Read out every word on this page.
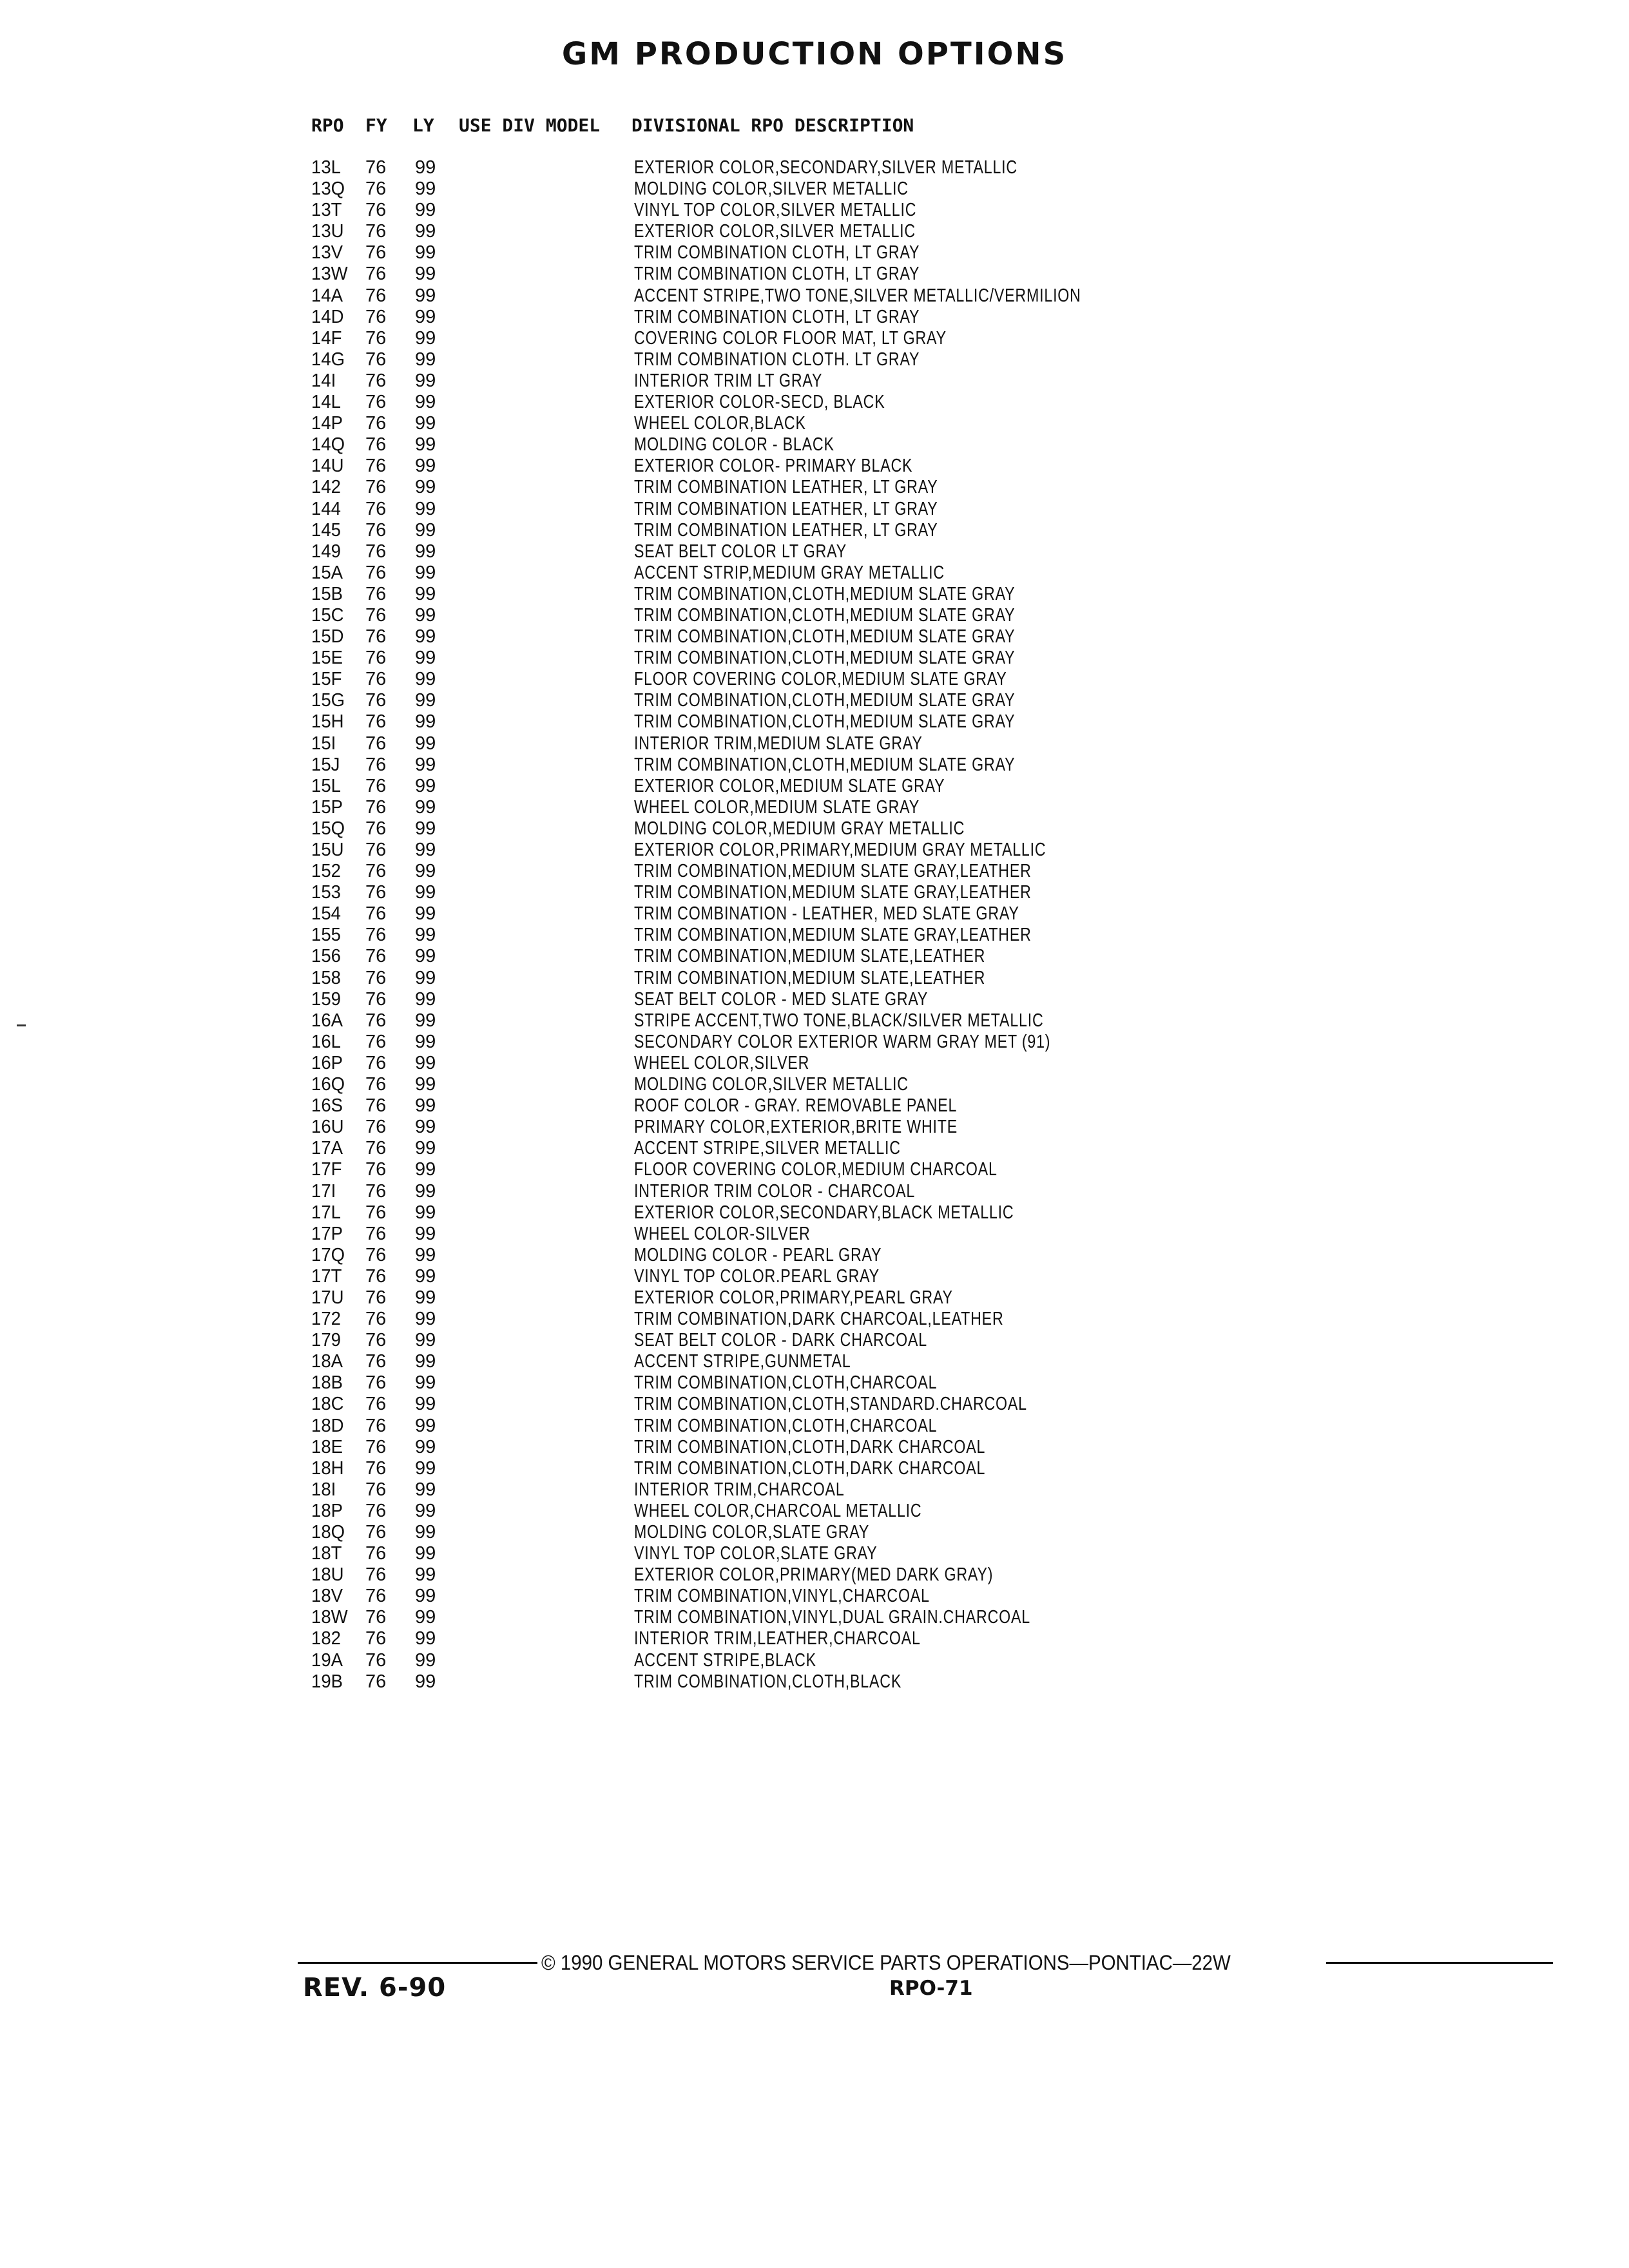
GM PRODUCTION OPTIONS
RPO FY LY USE DIV MODEL DIVISIONAL RPO DESCRIPTION
13L 76 99	EXTERIOR COLOR,SECONDARY,SILVER METALLIC
13Q 76 99	MOLDING COLOR,SILVER METALLIC
13T 76 99	VINYL TOP COLOR,SILVER METALLIC
13U 76 99	EXTERIOR COLOR,SILVER METALLIC
13V 76 99	TRIM COMBINATION CLOTH, LT GRAY
13W 76 99	TRIM COMBINATION CLOTH, LT GRAY
14A 76 99	ACCENT STRIPE,TWO TONE,SILVER METALLIC/VERMILION
14D 76 99	TRIM COMBINATION CLOTH, LT GRAY
14F 76 99	COVERING COLOR FLOOR MAT, LT GRAY
14G 76 99	TRIM COMBINATION CLOTH. LT GRAY
14I 76 99	INTERIOR TRIM LT GRAY
14L 76 99	EXTERIOR COLOR-SECD, BLACK
14P 76 99	WHEEL COLOR,BLACK
14Q 76 99	MOLDING COLOR - BLACK
14U 76 99	EXTERIOR COLOR- PRIMARY BLACK
142 76 99	TRIM COMBINATION LEATHER, LT GRAY
144 76 99	TRIM COMBINATION LEATHER, LT GRAY
145 76 99	TRIM COMBINATION LEATHER, LT GRAY
149 76 99	SEAT BELT COLOR LT GRAY
15A 76 99	ACCENT STRIP,MEDIUM GRAY METALLIC
15B 76 99	TRIM COMBINATION,CLOTH,MEDIUM SLATE GRAY
15C 76 99	TRIM COMBINATION,CLOTH,MEDIUM SLATE GRAY
15D 76 99	TRIM COMBINATION,CLOTH,MEDIUM SLATE GRAY
15E 76 99	TRIM COMBINATION,CLOTH,MEDIUM SLATE GRAY
15F 76 99	FLOOR COVERING COLOR,MEDIUM SLATE GRAY
15G 76 99	TRIM COMBINATION,CLOTH,MEDIUM SLATE GRAY
15H 76 99	TRIM COMBINATION,CLOTH,MEDIUM SLATE GRAY
15I 76 99	INTERIOR TRIM,MEDIUM SLATE GRAY
15J 76 99	TRIM COMBINATION,CLOTH,MEDIUM SLATE GRAY
15L 76 99	EXTERIOR COLOR,MEDIUM SLATE GRAY
15P 76 99	WHEEL COLOR,MEDIUM SLATE GRAY
15Q 76 99	MOLDING COLOR,MEDIUM GRAY METALLIC
15U 76 99	EXTERIOR COLOR,PRIMARY,MEDIUM GRAY METALLIC
152 76 99	TRIM COMBINATION,MEDIUM SLATE GRAY,LEATHER
153 76 99	TRIM COMBINATION,MEDIUM SLATE GRAY,LEATHER
154 76 99	TRIM COMBINATION - LEATHER, MED SLATE GRAY
155 76 99	TRIM COMBINATION,MEDIUM SLATE GRAY,LEATHER
156 76 99	TRIM COMBINATION,MEDIUM SLATE,LEATHER
158 76 99	TRIM COMBINATION,MEDIUM SLATE,LEATHER
159 76 99	SEAT BELT COLOR - MED SLATE GRAY
16A 76 99	STRIPE ACCENT,TWO TONE,BLACK/SILVER METALLIC
16L 76 99	SECONDARY COLOR EXTERIOR WARM GRAY MET (91)
16P 76 99	WHEEL COLOR,SILVER
16Q 76 99	MOLDING COLOR,SILVER METALLIC
16S 76 99	ROOF COLOR - GRAY. REMOVABLE PANEL
16U 76 99	PRIMARY COLOR,EXTERIOR,BRITE WHITE
17A 76 99	ACCENT STRIPE,SILVER METALLIC
17F 76 99	FLOOR COVERING COLOR,MEDIUM CHARCOAL
17I 76 99	INTERIOR TRIM COLOR - CHARCOAL
17L 76 99	EXTERIOR COLOR,SECONDARY,BLACK METALLIC
17P 76 99	WHEEL COLOR-SILVER
17Q 76 99	MOLDING COLOR - PEARL GRAY
17T 76 99	VINYL TOP COLOR.PEARL GRAY
17U 76 99	EXTERIOR COLOR,PRIMARY,PEARL GRAY
172 76 99	TRIM COMBINATION,DARK CHARCOAL,LEATHER
179 76 99	SEAT BELT COLOR - DARK CHARCOAL
18A 76 99	ACCENT STRIPE,GUNMETAL
18B 76 99	TRIM COMBINATION,CLOTH,CHARCOAL
18C 76 99	TRIM COMBINATION,CLOTH,STANDARD.CHARCOAL
18D 76 99	TRIM COMBINATION,CLOTH,CHARCOAL
18E 76 99	TRIM COMBINATION,CLOTH,DARK CHARCOAL
18H 76 99	TRIM COMBINATION,CLOTH,DARK CHARCOAL
18I 76 99	INTERIOR TRIM,CHARCOAL
18P 76 99	WHEEL COLOR,CHARCOAL METALLIC
18Q 76 99	MOLDING COLOR,SLATE GRAY
18T 76 99	VINYL TOP COLOR,SLATE GRAY
18U 76 99	EXTERIOR COLOR,PRIMARY(MED DARK GRAY)
18V 76 99	TRIM COMBINATION,VINYL,CHARCOAL
18W 76 99	TRIM COMBINATION,VINYL,DUAL GRAIN.CHARCOAL
182 76 99	INTERIOR TRIM,LEATHER,CHARCOAL
19A 76 99	ACCENT STRIPE,BLACK
19B 76 99	TRIM COMBINATION,CLOTH,BLACK
© 1990 GENERAL MOTORS SERVICE PARTS OPERATIONS—PONTIAC—22W
REV. 6-90	RPO-71
